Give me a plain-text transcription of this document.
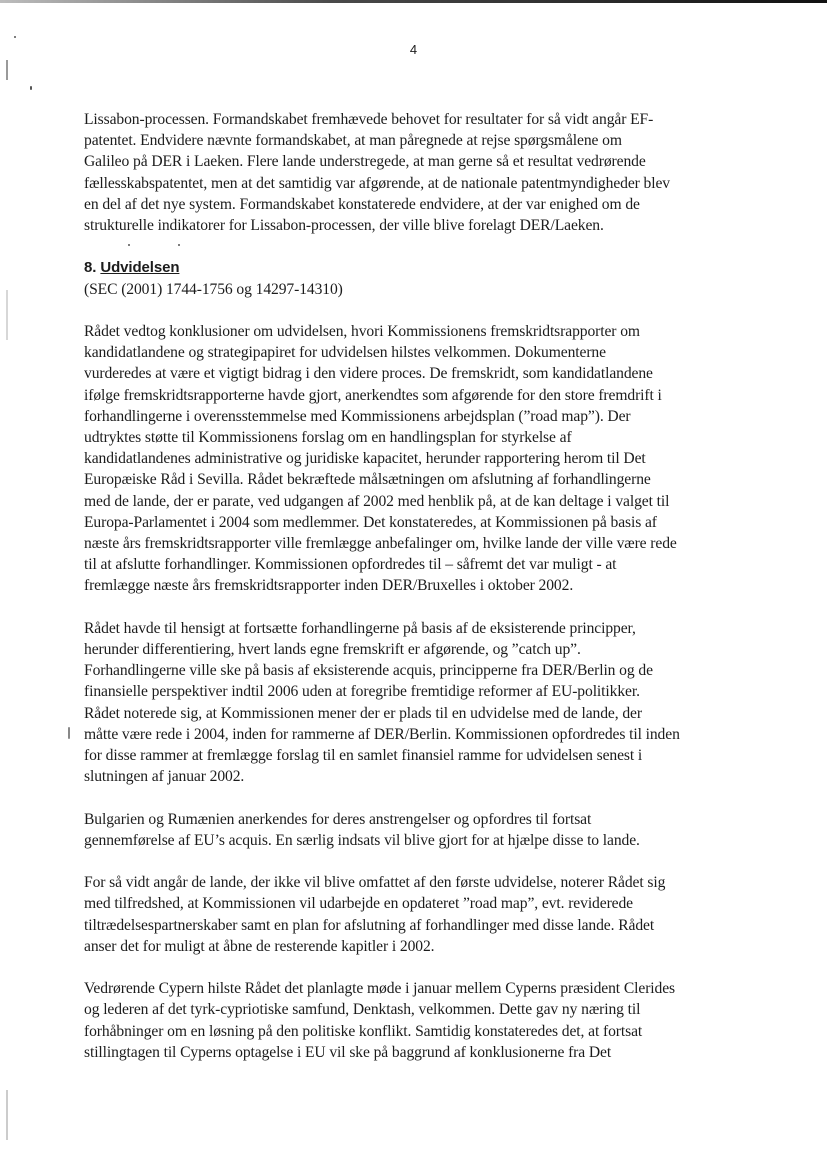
4

Lissabon-processen. Formandskabet fremhævede behovet for resultater for så vidt angår EF-
patentet. Endvidere nævnte formandskabet, at man påregnede at rejse spørgsmålene om
Galileo på DER i Laeken. Flere lande understregede, at man gerne så et resultat vedrørende
fællesskabspatentet, men at det samtidig var afgørende, at de nationale patentmyndigheder blev
en del af det nye system. Formandskabet konstaterede endvidere, at der var enighed om de
strukturelle indikatorer for Lissabon-processen, der ville blive forelagt DER/Laeken.

8. Udvidelsen
(SEC (2001) 1744-1756 og 14297-14310)

Rådet vedtog konklusioner om udvidelsen, hvori Kommissionens fremskridtsrapporter om
kandidatlandene og strategipapiret for udvidelsen hilstes velkommen. Dokumenterne
vurderedes at være et vigtigt bidrag i den videre proces. De fremskridt, som kandidatlandene
ifølge fremskridtsrapporterne havde gjort, anerkendtes som afgørende for den store fremdrift i
forhandlingerne i overensstemmelse med Kommissionens arbejdsplan (”road map”). Der
udtryktes støtte til Kommissionens forslag om en handlingsplan for styrkelse af
kandidatlandenes administrative og juridiske kapacitet, herunder rapportering herom til Det
Europæiske Råd i Sevilla. Rådet bekræftede målsætningen om afslutning af forhandlingerne
med de lande, der er parate, ved udgangen af 2002 med henblik på, at de kan deltage i valget til
Europa-Parlamentet i 2004 som medlemmer. Det konstateredes, at Kommissionen på basis af
næste års fremskridtsrapporter ville fremlægge anbefalinger om, hvilke lande der ville være rede
til at afslutte forhandlinger. Kommissionen opfordredes til – såfremt det var muligt - at
fremlægge næste års fremskridtsrapporter inden DER/Bruxelles i oktober 2002.

Rådet havde til hensigt at fortsætte forhandlingerne på basis af de eksisterende principper,
herunder differentiering, hvert lands egne fremskrift er afgørende, og ”catch up”.
Forhandlingerne ville ske på basis af eksisterende acquis, principperne fra DER/Berlin og de
finansielle perspektiver indtil 2006 uden at foregribe fremtidige reformer af EU-politikker.
Rådet noterede sig, at Kommissionen mener der er plads til en udvidelse med de lande, der
måtte være rede i 2004, inden for rammerne af DER/Berlin. Kommissionen opfordredes til inden
for disse rammer at fremlægge forslag til en samlet finansiel ramme for udvidelsen senest i
slutningen af januar 2002.

Bulgarien og Rumænien anerkendes for deres anstrengelser og opfordres til fortsat
gennemførelse af EU’s acquis. En særlig indsats vil blive gjort for at hjælpe disse to lande.

For så vidt angår de lande, der ikke vil blive omfattet af den første udvidelse, noterer Rådet sig
med tilfredshed, at Kommissionen vil udarbejde en opdateret ”road map”, evt. reviderede
tiltrædelsespartnerskaber samt en plan for afslutning af forhandlinger med disse lande. Rådet
anser det for muligt at åbne de resterende kapitler i 2002.

Vedrørende Cypern hilste Rådet det planlagte møde i januar mellem Cyperns præsident Clerides
og lederen af det tyrk-cypriotiske samfund, Denktash, velkommen. Dette gav ny næring til
forhåbninger om en løsning på den politiske konflikt. Samtidig konstateredes det, at fortsat
stillingtagen til Cyperns optagelse i EU vil ske på baggrund af konklusionerne fra Det
